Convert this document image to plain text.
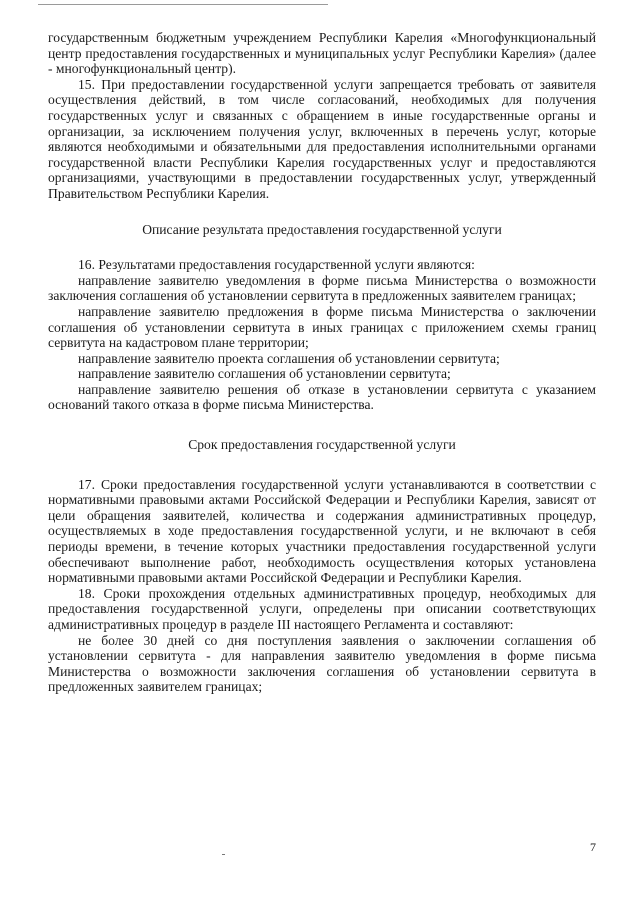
государственным бюджетным учреждением Республики Карелия «Многофункциональный центр предоставления государственных и муниципальных услуг Республики Карелия» (далее - многофункциональный центр).

15. При предоставлении государственной услуги запрещается требовать от заявителя осуществления действий, в том числе согласований, необходимых для получения государственных услуг и связанных с обращением в иные государственные органы и организации, за исключением получения услуг, включенных в перечень услуг, которые являются необходимыми и обязательными для предоставления исполнительными органами государственной власти Республики Карелия государственных услуг и предоставляются организациями, участвующими в предоставлении государственных услуг, утвержденный Правительством Республики Карелия.

Описание результата предоставления государственной услуги

16. Результатами предоставления государственной услуги являются:

направление заявителю уведомления в форме письма Министерства о возможности заключения соглашения об установлении сервитута в предложенных заявителем границах;

направление заявителю предложения в форме письма Министерства о заключении соглашения об установлении сервитута в иных границах с приложением схемы границ сервитута на кадастровом плане территории;

направление заявителю проекта соглашения об установлении сервитута;

направление заявителю соглашения об установлении сервитута;

направление заявителю решения об отказе в установлении сервитута с указанием оснований такого отказа в форме письма Министерства.

Срок предоставления государственной услуги

17. Сроки предоставления государственной услуги устанавливаются в соответствии с нормативными правовыми актами Российской Федерации и Республики Карелия, зависят от цели обращения заявителей, количества и содержания административных процедур, осуществляемых в ходе предоставления государственной услуги, и не включают в себя периоды времени, в течение которых участники предоставления государственной услуги обеспечивают выполнение работ, необходимость осуществления которых установлена нормативными правовыми актами Российской Федерации и Республики Карелия.

18. Сроки прохождения отдельных административных процедур, необходимых для предоставления государственной услуги, определены при описании соответствующих административных процедур в разделе III настоящего Регламента и составляют:

не более 30 дней со дня поступления заявления о заключении соглашения об установлении сервитута - для направления заявителю уведомления в форме письма Министерства о возможности заключения соглашения об установлении сервитута в предложенных заявителем границах;

7
